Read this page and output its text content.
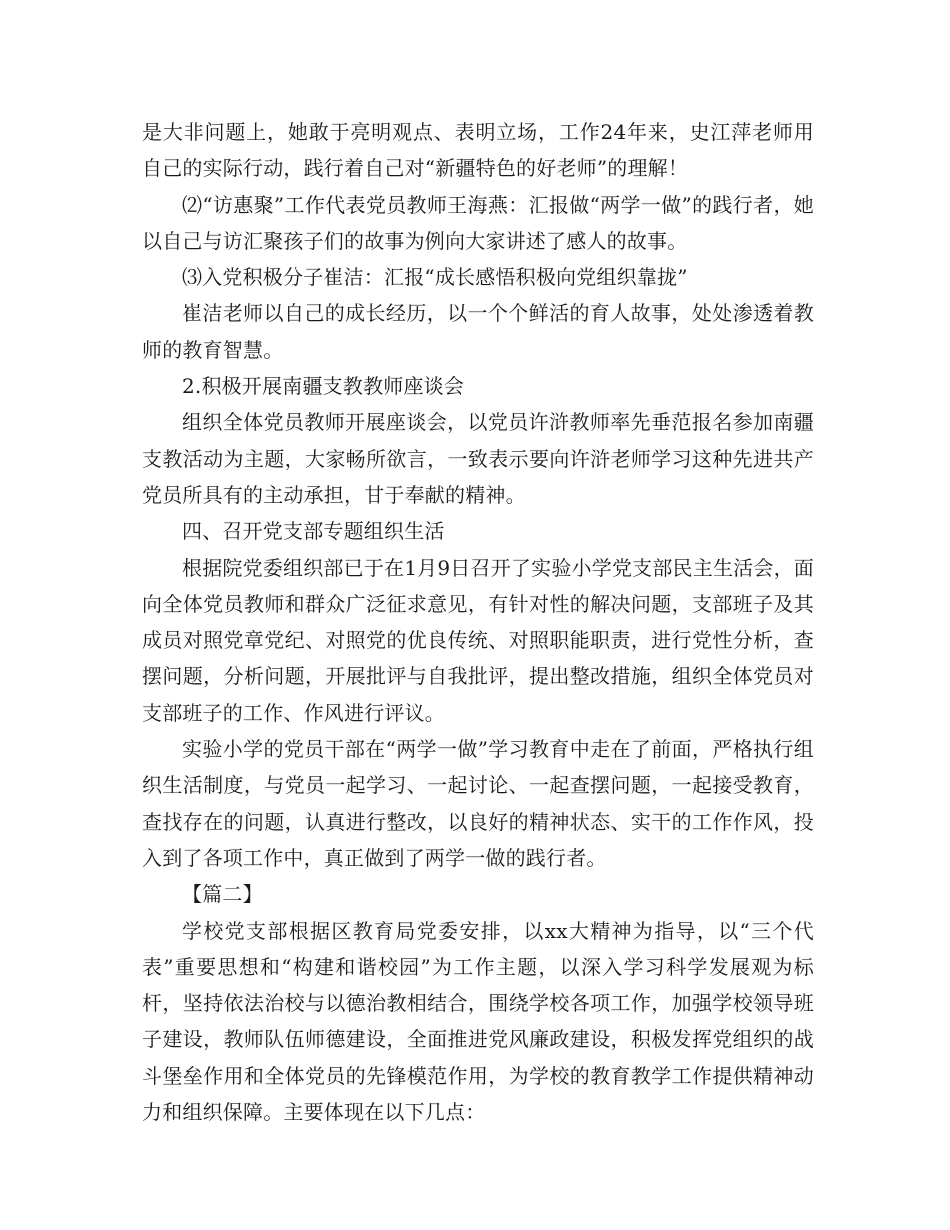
是大非问题上，她敢于亮明观点、表明立场，工作24年来，史江萍老师用自己的实际行动，践行着自己对“新疆特色的好老师”的理解！

⑵“访惠聚”工作代表党员教师王海燕：汇报做“两学一做”的践行者，她以自己与访汇聚孩子们的故事为例向大家讲述了感人的故事。

⑶入党积极分子崔洁：汇报“成长感悟积极向党组织靠拢”

崔洁老师以自己的成长经历，以一个个鲜活的育人故事，处处渗透着教师的教育智慧。

2.积极开展南疆支教教师座谈会

组织全体党员教师开展座谈会，以党员许浒教师率先垂范报名参加南疆支教活动为主题，大家畅所欲言，一致表示要向许浒老师学习这种先进共产党员所具有的主动承担，甘于奉献的精神。

四、召开党支部专题组织生活

根据院党委组织部已于在1月9日召开了实验小学党支部民主生活会，面向全体党员教师和群众广泛征求意见，有针对性的解决问题，支部班子及其成员对照党章党纪、对照党的优良传统、对照职能职责，进行党性分析，查摆问题，分析问题，开展批评与自我批评，提出整改措施，组织全体党员对支部班子的工作、作风进行评议。

实验小学的党员干部在“两学一做”学习教育中走在了前面，严格执行组织生活制度，与党员一起学习、一起讨论、一起查摆问题，一起接受教育，查找存在的问题，认真进行整改，以良好的精神状态、实干的工作作风，投入到了各项工作中，真正做到了两学一做的践行者。

【篇二】

学校党支部根据区教育局党委安排，以xx大精神为指导，以“三个代表”重要思想和“构建和谐校园”为工作主题，以深入学习科学发展观为标杆，坚持依法治校与以德治教相结合，围绕学校各项工作，加强学校领导班子建设，教师队伍师德建设，全面推进党风廉政建设，积极发挥党组织的战斗堡垒作用和全体党员的先锋模范作用，为学校的教育教学工作提供精神动力和组织保障。主要体现在以下几点：
